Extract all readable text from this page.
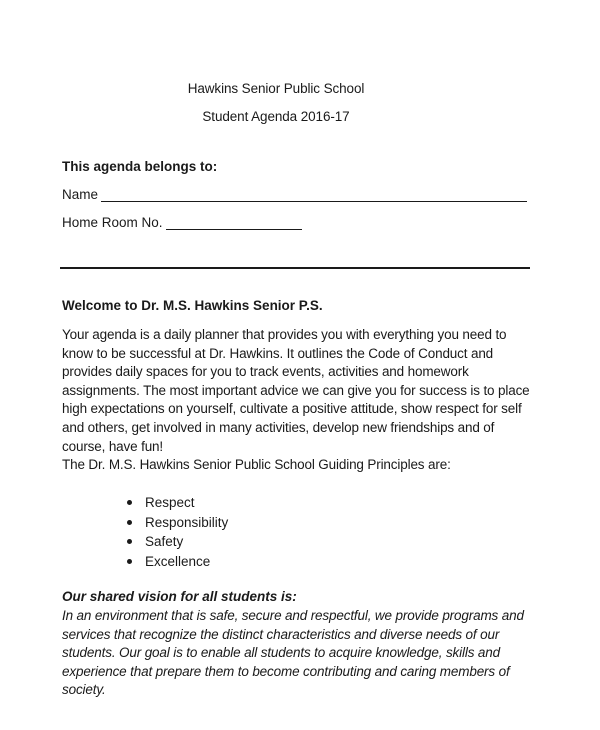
Hawkins Senior Public School
Student Agenda 2016-17
This agenda belongs to:
Name
Home Room No.
Welcome to Dr. M.S. Hawkins Senior P.S.
Your agenda is a daily planner that provides you with everything you need to know to be successful at Dr. Hawkins. It outlines the Code of Conduct and provides daily spaces for you to track events, activities and homework assignments. The most important advice we can give you for success is to place high expectations on yourself, cultivate a positive attitude, show respect for self and others, get involved in many activities, develop new friendships and of course, have fun!
The Dr. M.S. Hawkins Senior Public School Guiding Principles are:
Respect
Responsibility
Safety
Excellence
Our shared vision for all students is:
In an environment that is safe, secure and respectful, we provide programs and services that recognize the distinct characteristics and diverse needs of our students. Our goal is to enable all students to acquire knowledge, skills and experience that prepare them to become contributing and caring members of society.
